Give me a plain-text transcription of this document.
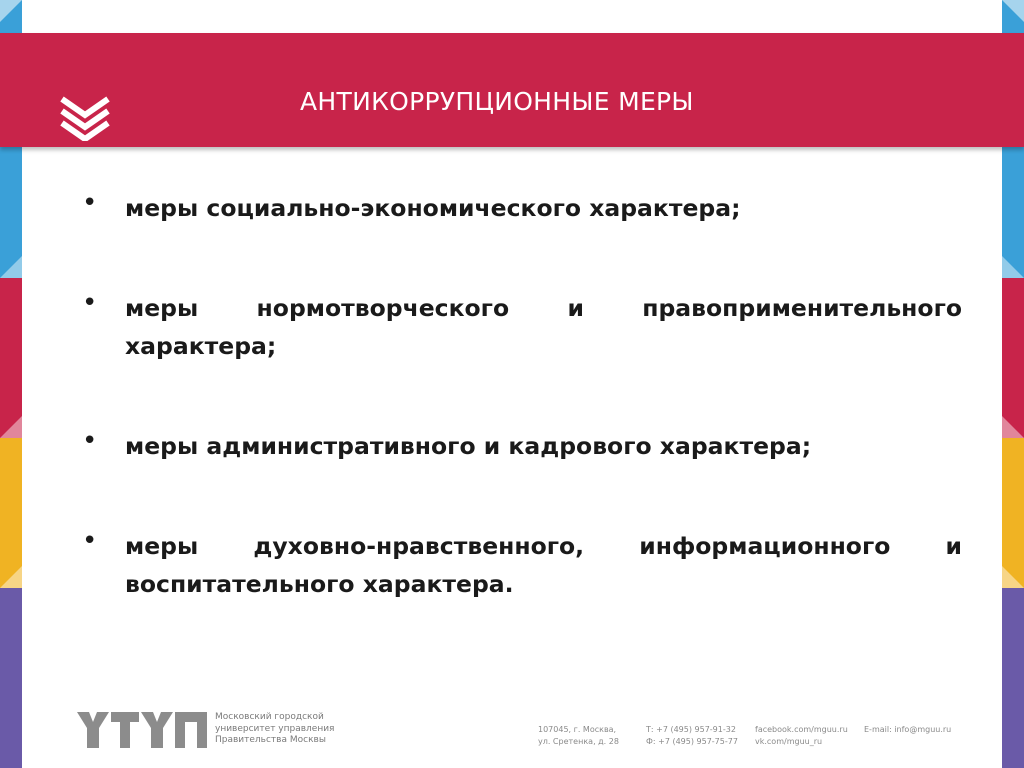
АНТИКОРРУПЦИОННЫЕ МЕРЫ
• меры социально-экономического характера;
• меры нормотворческого и правоприменительного характера;
• меры административного и кадрового характера;
• меры духовно-нравственного, информационного и воспитательного характера.
Московский городской
университет управления
Правительства Москвы
107045, г. Москва,
ул. Сретенка, д. 28
Т: +7 (495) 957-91-32
Ф: +7 (495) 957-75-77
facebook.com/mguu.ru
vk.com/mguu_ru
E-mail: info@mguu.ru
